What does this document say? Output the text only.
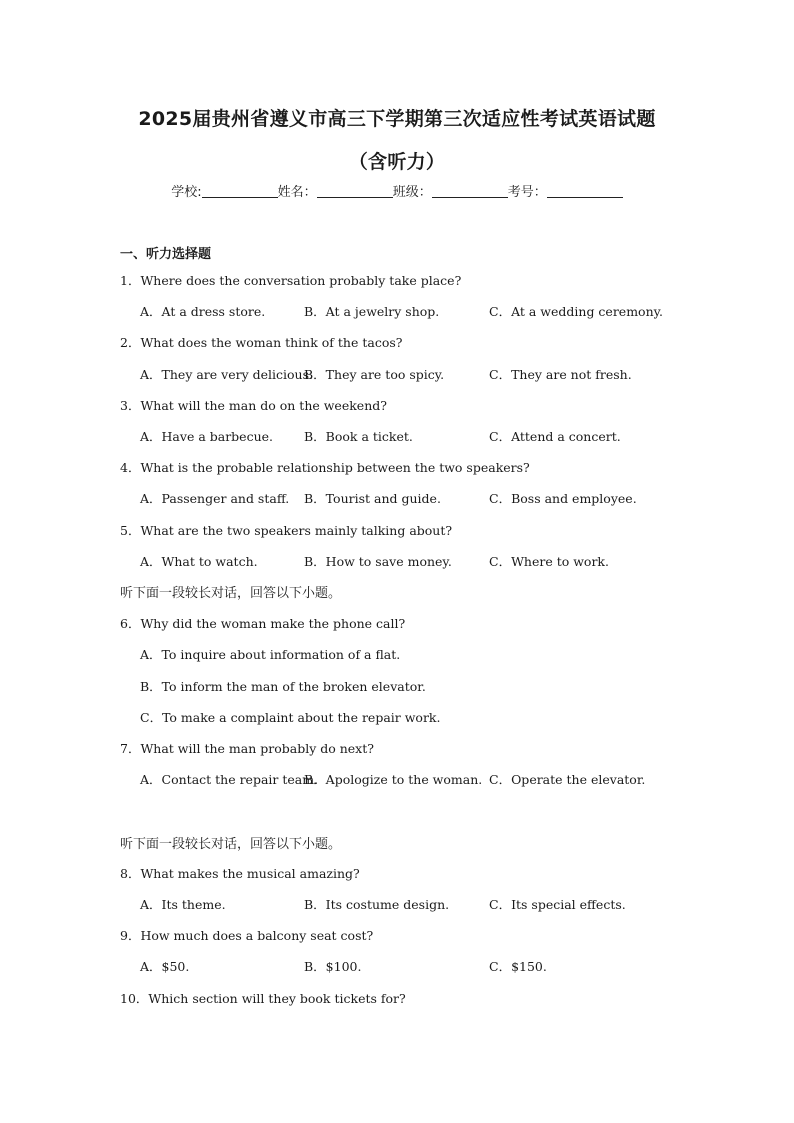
2025届贵州省遵义市高三下学期第三次适应性考试英语试题
（含听力）
学校:	姓名：	班级：	考号：
一、听力选择题
1．Where does the conversation probably take place?
A．At a dress store.	B．At a jewelry shop.	C．At a wedding ceremony.
2．What does the woman think of the tacos?
A．They are very delicious.
B．They are too spicy.	C．They are not fresh.
3．What will the man do on the weekend?
A．Have a barbecue. B．Book a ticket.	C．Attend a concert.
4．What is the probable relationship between the two speakers?
A．Passenger and staff. B．Tourist and guide.	C．Boss and employee.
5．What are the two speakers mainly talking about?
A．What to watch.	B．How to save money.	C．Where to work.
听下面一段较长对话，回答以下小题。
6．Why did the woman make the phone call?
A．To inquire about information of a flat.
B．To inform the man of the broken elevator.
C．To make a complaint about the repair work.
7．What will the man probably do next?
A．Contact the repair team.
B．Apologize to the woman. C．Operate the elevator.
听下面一段较长对话，回答以下小题。
8．What makes the musical amazing?
A．Its theme.	B．Its costume design.	C．Its special effects.
9．How much does a balcony seat cost?
A．$50.	B．$100.	C．$150.
10．Which section will they book tickets for?
